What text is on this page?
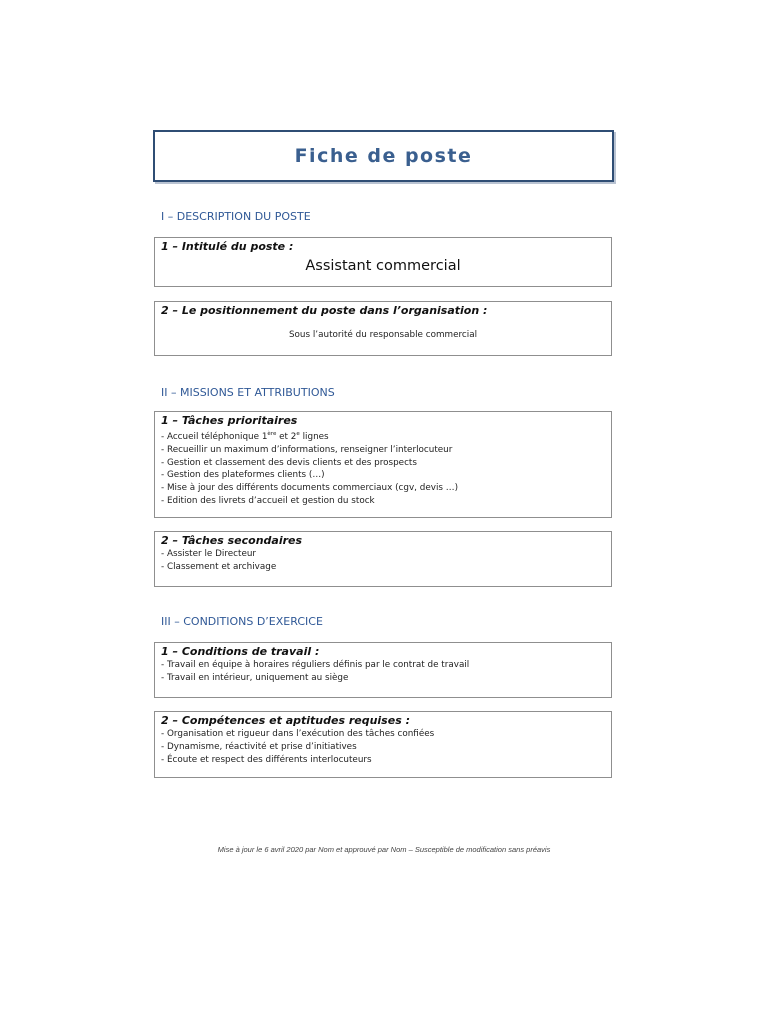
Fiche de poste
I – DESCRIPTION DU POSTE
1 – Intitulé du poste :
Assistant commercial
2 – Le positionnement du poste dans l’organisation :
Sous l’autorité du responsable commercial
II – MISSIONS ET ATTRIBUTIONS
1 – Tâches prioritaires
- Accueil téléphonique 1ère et 2e lignes
- Recueillir un maximum d’informations, renseigner l’interlocuteur
- Gestion et classement des devis clients et des prospects
- Gestion des plateformes clients (…)
- Mise à jour des différents documents commerciaux (cgv, devis …)
- Edition des livrets d’accueil et gestion du stock
2 – Tâches secondaires
- Assister le Directeur
- Classement et archivage
III – CONDITIONS D’EXERCICE
1 – Conditions de travail :
- Travail en équipe à horaires réguliers définis par le contrat de travail
- Travail en intérieur, uniquement au siège
2 – Compétences et aptitudes requises :
- Organisation et rigueur dans l’exécution des tâches confiées
- Dynamisme, réactivité et prise d’initiatives
- Écoute et respect des différents interlocuteurs
Mise à jour le 6 avril 2020 par Nom et approuvé par Nom – Susceptible de modification sans préavis
